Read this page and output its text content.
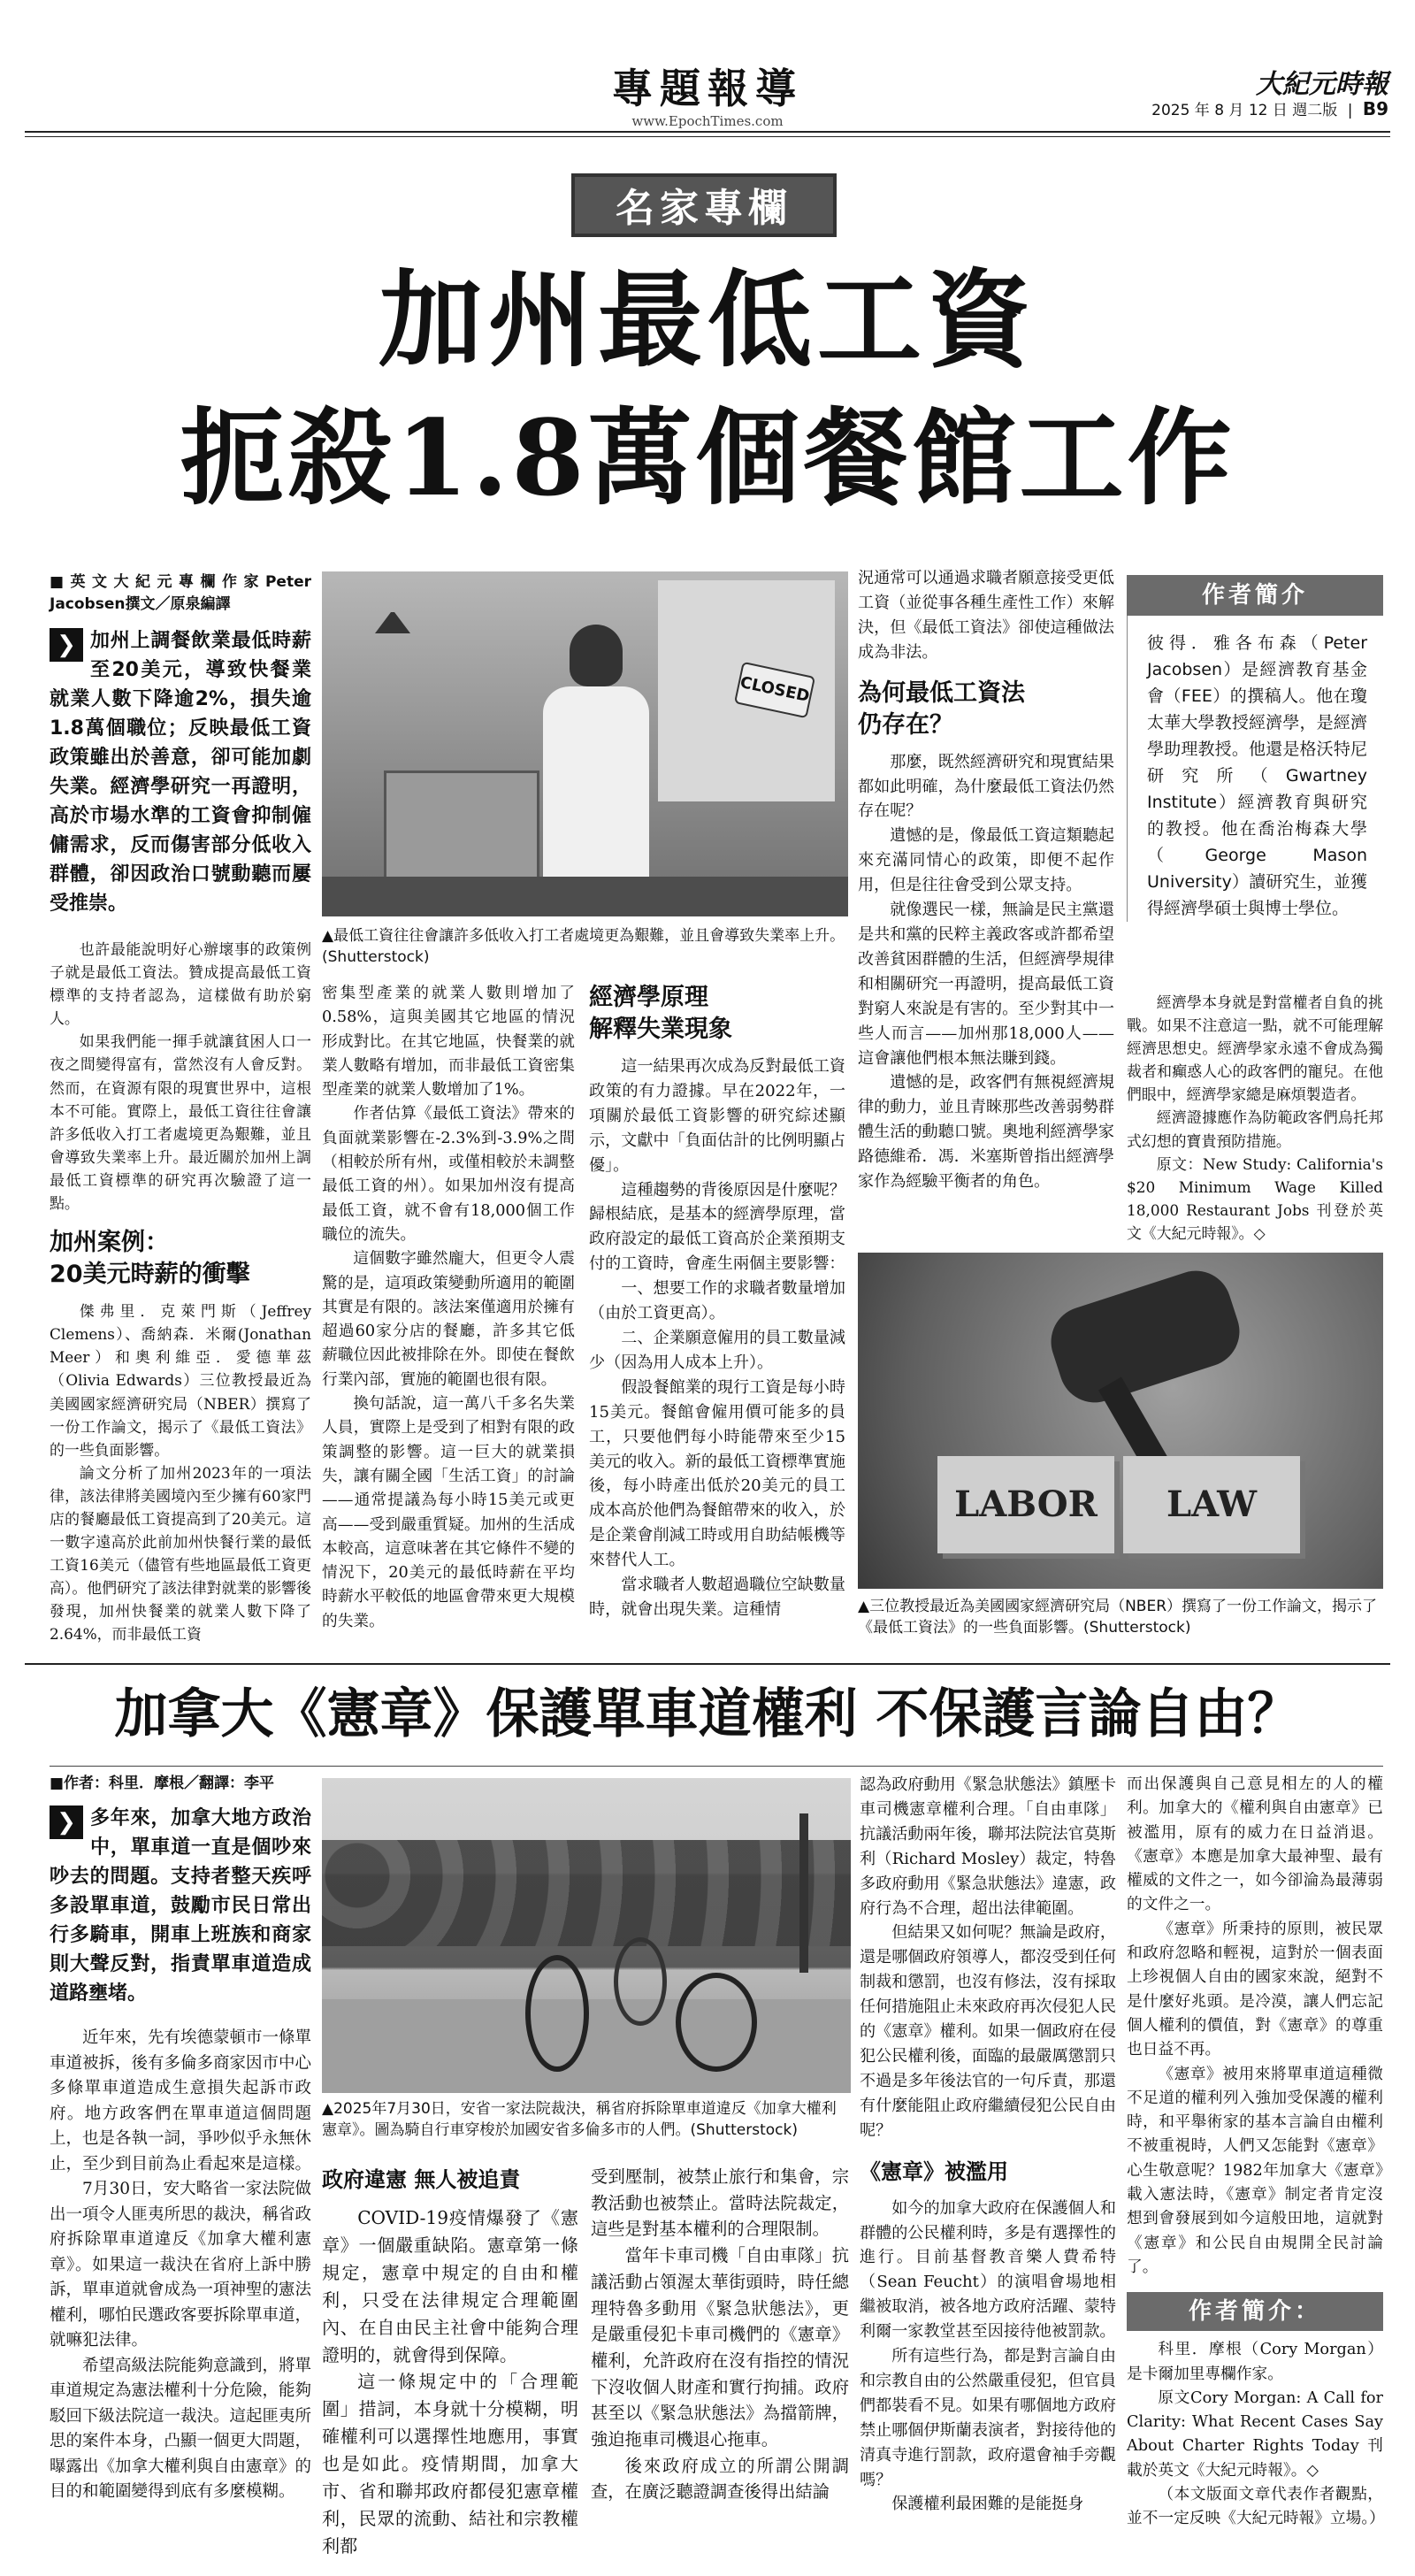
專題報導
www.EpochTimes.com
大紀元時報
2025 年 8 月 12 日 週二版 | B9
名家專欄
加州最低工資
扼殺1.8萬個餐館工作
■英文大紀元專欄作家Peter Jacobsen撰文／原泉編譯
❯ 加州上調餐飲業最低時薪至20美元，導致快餐業就業人數下降逾2%，損失逾1.8萬個職位；反映最低工資政策雖出於善意，卻可能加劇失業。經濟學研究一再證明，高於市場水準的工資會抑制僱傭需求，反而傷害部分低收入群體，卻因政治口號動聽而屢受推崇。

也許最能說明好心辦壞事的政策例子就是最低工資法。贊成提高最低工資標準的支持者認為，這樣做有助於窮人。

如果我們能一揮手就讓貧困人口一夜之間變得富有，當然沒有人會反對。然而，在資源有限的現實世界中，這根本不可能。實際上，最低工資往往會讓許多低收入打工者處境更為艱難，並且會導致失業率上升。最近關於加州上調最低工資標準的研究再次驗證了這一點。

加州案例：
20美元時薪的衝擊

傑弗里．克萊門斯（Jeffrey Clemens）、喬納森．米爾(Jonathan Meer）和奧利維亞．愛德華茲（Olivia Edwards）三位教授最近為美國國家經濟研究局（NBER）撰寫了一份工作論文，揭示了《最低工資法》的一些負面影響。

論文分析了加州2023年的一項法律，該法律將美國境內至少擁有60家門店的餐廳最低工資提高到了20美元。這一數字遠高於此前加州快餐行業的最低工資16美元（儘管有些地區最低工資更高）。他們研究了該法律對就業的影響後發現，加州快餐業的就業人數下降了2.64%，而非最低工資

CLOSED
▲最低工資往往會讓許多低收入打工者處境更為艱難，並且會導致失業率上升。(Shutterstock)

密集型產業的就業人數則增加了0.58%，這與美國其它地區的情況形成對比。在其它地區，快餐業的就業人數略有增加，而非最低工資密集型產業的就業人數增加了1%。

作者估算《最低工資法》帶來的負面就業影響在-2.3%到-3.9%之間（相較於所有州，或僅相較於未調整最低工資的州）。如果加州沒有提高最低工資，就不會有18,000個工作職位的流失。

這個數字雖然龐大，但更令人震驚的是，這項政策變動所適用的範圍其實是有限的。該法案僅適用於擁有超過60家分店的餐廳，許多其它低薪職位因此被排除在外。即使在餐飲行業內部，實施的範圍也很有限。

換句話說，這一萬八千多名失業人員，實際上是受到了相對有限的政策調整的影響。這一巨大的就業損失，讓有關全國「生活工資」的討論——通常提議為每小時15美元或更高——受到嚴重質疑。加州的生活成本較高，這意味著在其它條件不變的情況下，20美元的最低時薪在平均時薪水平較低的地區會帶來更大規模的失業。

經濟學原理
解釋失業現象

這一結果再次成為反對最低工資政策的有力證據。早在2022年，一項關於最低工資影響的研究綜述顯示，文獻中「負面估計的比例明顯占優」。

這種趨勢的背後原因是什麼呢？歸根結底，是基本的經濟學原理，當政府設定的最低工資高於企業預期支付的工資時，會產生兩個主要影響：

一、想要工作的求職者數量增加（由於工資更高）。

二、企業願意僱用的員工數量減少（因為用人成本上升）。

假設餐館業的現行工資是每小時15美元。餐館會僱用價可能多的員工，只要他們每小時能帶來至少15美元的收入。新的最低工資標準實施後，每小時產出低於20美元的員工成本高於他們為餐館帶來的收入，於是企業會削減工時或用自助結帳機等來替代人工。

當求職者人數超過職位空缺數量時，就會出現失業。這種情

況通常可以通過求職者願意接受更低工資（並從事各種生產性工作）來解決，但《最低工資法》卻使這種做法成為非法。

為何最低工資法
仍存在？

那麼，既然經濟研究和現實結果都如此明確，為什麼最低工資法仍然存在呢？

遺憾的是，像最低工資這類聽起來充滿同情心的政策，即便不起作用，但是往往會受到公眾支持。

就像選民一樣，無論是民主黨還是共和黨的民粹主義政客或許都希望改善貧困群體的生活，但經濟學規律和相關研究一再證明，提高最低工資對窮人來說是有害的。至少對其中一些人而言——加州那18,000人——這會讓他們根本無法賺到錢。

遺憾的是，政客們有無視經濟規律的動力，並且青睞那些改善弱勢群體生活的動聽口號。奧地利經濟學家路德維希．馮．米塞斯曾指出經濟學家作為經驗平衡者的角色。

作者簡介
彼得．雅各布森（Peter Jacobsen）是經濟教育基金會（FEE）的撰稿人。他在瓊太華大學教授經濟學，是經濟學助理教授。他還是格沃特尼研究所（Gwartney Institute）經濟教育與研究的教授。他在喬治梅森大學（George Mason University）讀研究生，並獲得經濟學碩士與博士學位。

經濟學本身就是對當權者自負的挑戰。如果不注意這一點，就不可能理解經濟思想史。經濟學家永遠不會成為獨裁者和癲惑人心的政客們的寵兒。在他們眼中，經濟學家總是麻煩製造者。

經濟證據應作為防範政客們烏托邦式幻想的寶貴預防措施。

原文：New Study: California's $20 Minimum Wage Killed 18,000 Restaurant Jobs 刊登於英文《大紀元時報》。◇

LABOR	LAW
▲三位教授最近為美國國家經濟研究局（NBER）撰寫了一份工作論文，揭示了《最低工資法》的一些負面影響。(Shutterstock)
加拿大《憲章》保護單車道權利 不保護言論自由？
■作者：科里．摩根／翻譯：李平
❯ 多年來，加拿大地方政治中，單車道一直是個吵來吵去的問題。支持者整天疾呼多設單車道，鼓勵市民日常出行多騎車，開車上班族和商家則大聲反對，指責單車道造成道路壅堵。

近年來，先有埃德蒙頓市一條單車道被拆，後有多倫多商家因市中心多條單車道造成生意損失起訴市政府。地方政客們在單車道這個問題上，也是各執一詞，爭吵似乎永無休止，至少到目前為止看起來是這樣。

7月30日，安大略省一家法院做出一項令人匪夷所思的裁決，稱省政府拆除單車道違反《加拿大權利憲章》。如果這一裁決在省府上訴中勝訴，單車道就會成為一項神聖的憲法權利，哪怕民選政客要拆除單車道，就嘛犯法律。

希望高級法院能夠意識到，將單車道規定為憲法權利十分危險，能夠駁回下級法院這一裁決。這起匪夷所思的案件本身，凸顯一個更大問題，曝露出《加拿大權利與自由憲章》的目的和範圍變得到底有多麼模糊。

▲2025年7月30日，安省一家法院裁決，稱省府拆除單車道違反《加拿大權利憲章》。圖為騎自行車穿梭於加國安省多倫多市的人們。(Shutterstock)
政府違憲 無人被追責

COVID-19疫情爆發了《憲章》一個嚴重缺陷。憲章第一條規定，憲章中規定的自由和權利，只受在法律規定合理範圍內、在自由民主社會中能夠合理證明的，就會得到保障。

這一條規定中的「合理範圍」措詞，本身就十分模糊，明確權利可以選擇性地應用，事實也是如此。疫情期間，加拿大市、省和聯邦政府都侵犯憲章權利，民眾的流動、結社和宗教權利都

受到壓制，被禁止旅行和集會，宗教活動也被禁止。當時法院裁定，這些是對基本權利的合理限制。

當年卡車司機「自由車隊」抗議活動占領渥太華街頭時，時任總理特魯多動用《緊急狀態法》，更是嚴重侵犯卡車司機們的《憲章》權利，允許政府在沒有指控的情況下沒收個人財產和實行拘捕。政府甚至以《緊急狀態法》為擋箭牌，強迫拖車司機退心拖車。

後來政府成立的所謂公開調查，在廣泛聽證調查後得出結論

認為政府動用《緊急狀態法》鎮壓卡車司機憲章權利合理。「自由車隊」抗議活動兩年後，聯邦法院法官莫斯利（Richard Mosley）裁定，特魯多政府動用《緊急狀態法》違憲，政府行為不合理，超出法律範圍。

但結果又如何呢？無論是政府，還是哪個政府領導人，都沒受到任何制裁和懲罰，也沒有修法，沒有採取任何措施阻止未來政府再次侵犯人民的《憲章》權利。如果一個政府在侵犯公民權利後，面臨的最嚴厲懲罰只不過是多年後法官的一句斥責，那還有什麼能阻止政府繼續侵犯公民自由呢？

《憲章》被濫用

如今的加拿大政府在保護個人和群體的公民權利時，多是有選擇性的進行。目前基督教音樂人費希特（Sean Feucht）的演唱會場地相繼被取消，被各地方政府活躍、蒙特利爾一家教堂甚至因接待他被罰款。

所有這些行為，都是對言論自由和宗教自由的公然嚴重侵犯，但官員們都裝看不見。如果有哪個地方政府禁止哪個伊斯蘭表演者，對接待他的清真寺進行罰款，政府還會袖手旁觀嗎？

保護權利最困難的是能挺身

而出保護與自己意見相左的人的權利。加拿大的《權利與自由憲章》已被濫用，原有的威力在日益消退。《憲章》本應是加拿大最神聖、最有權威的文件之一，如今卻淪為最薄弱的文件之一。

《憲章》所秉持的原則，被民眾和政府忽略和輕視，這對於一個表面上珍視個人自由的國家來說，絕對不是什麼好兆頭。是冷漠，讓人們忘記個人權利的價值，對《憲章》的尊重也日益不再。

《憲章》被用來將單車道這種微不足道的權利列入強加受保護的權利時，和平舉術家的基本言論自由權利不被重視時，人們又怎能對《憲章》心生敬意呢？1982年加拿大《憲章》載入憲法時，《憲章》制定者肯定沒想到會發展到如今這般田地，這就對《憲章》和公民自由規開全民討論了。

作者簡介：

科里．摩根（Cory Morgan）是卡爾加里專欄作家。

原文Cory Morgan: A Call for Clarity: What Recent Cases Say About Charter Rights Today 刊載於英文《大紀元時報》。◇

（本文版面文章代表作者觀點，並不一定反映《大紀元時報》立場。）
